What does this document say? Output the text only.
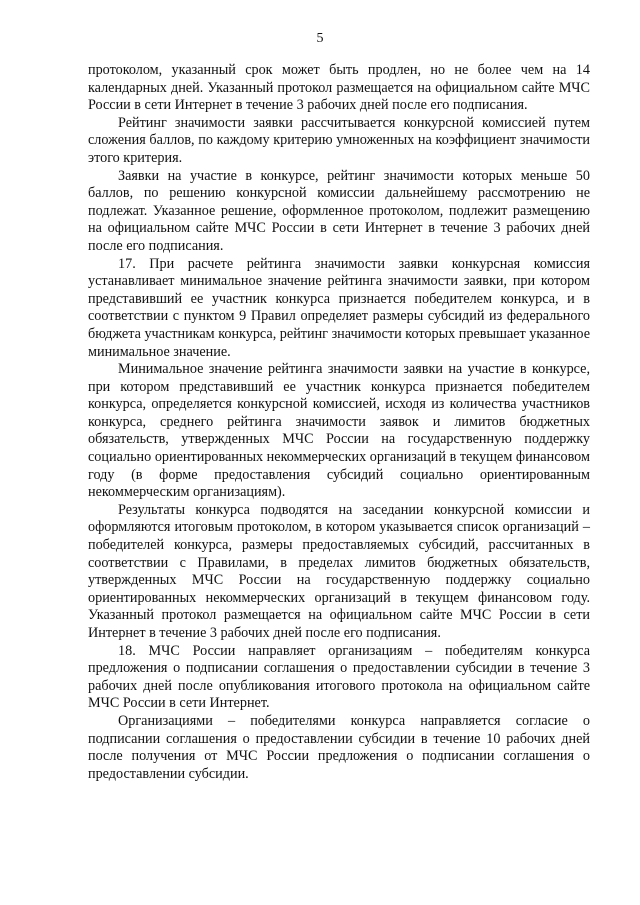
5

протоколом, указанный срок может быть продлен, но не более чем на 14 календарных дней. Указанный протокол размещается на официальном сайте МЧС России в сети Интернет в течение 3 рабочих дней после его подписания.

Рейтинг значимости заявки рассчитывается конкурсной комиссией путем сложения баллов, по каждому критерию умноженных на коэффициент значимости этого критерия.

Заявки на участие в конкурсе, рейтинг значимости которых меньше 50 баллов, по решению конкурсной комиссии дальнейшему рассмотрению не подлежат. Указанное решение, оформленное протоколом, подлежит размещению на официальном сайте МЧС России в сети Интернет в течение 3 рабочих дней после его подписания.

17. При расчете рейтинга значимости заявки конкурсная комиссия устанавливает минимальное значение рейтинга значимости заявки, при котором представивший ее участник конкурса признается победителем конкурса, и в соответствии с пунктом 9 Правил определяет размеры субсидий из федерального бюджета участникам конкурса, рейтинг значимости которых превышает указанное минимальное значение.

Минимальное значение рейтинга значимости заявки на участие в конкурсе, при котором представивший ее участник конкурса признается победителем конкурса, определяется конкурсной комиссией, исходя из количества участников конкурса, среднего рейтинга значимости заявок и лимитов бюджетных обязательств, утвержденных МЧС России на государственную поддержку социально ориентированных некоммерческих организаций в текущем финансовом году (в форме предоставления субсидий социально ориентированным некоммерческим организациям).

Результаты конкурса подводятся на заседании конкурсной комиссии и оформляются итоговым протоколом, в котором указывается список организаций – победителей конкурса, размеры предоставляемых субсидий, рассчитанных в соответствии с Правилами, в пределах лимитов бюджетных обязательств, утвержденных МЧС России на государственную поддержку социально ориентированных некоммерческих организаций в текущем финансовом году. Указанный протокол размещается на официальном сайте МЧС России в сети Интернет в течение 3 рабочих дней после его подписания.

18. МЧС России направляет организациям – победителям конкурса предложения о подписании соглашения о предоставлении субсидии в течение 3 рабочих дней после опубликования итогового протокола на официальном сайте МЧС России в сети Интернет.

Организациями – победителями конкурса направляется согласие о подписании соглашения о предоставлении субсидии в течение 10 рабочих дней после получения от МЧС России предложения о подписании соглашения о предоставлении субсидии.
